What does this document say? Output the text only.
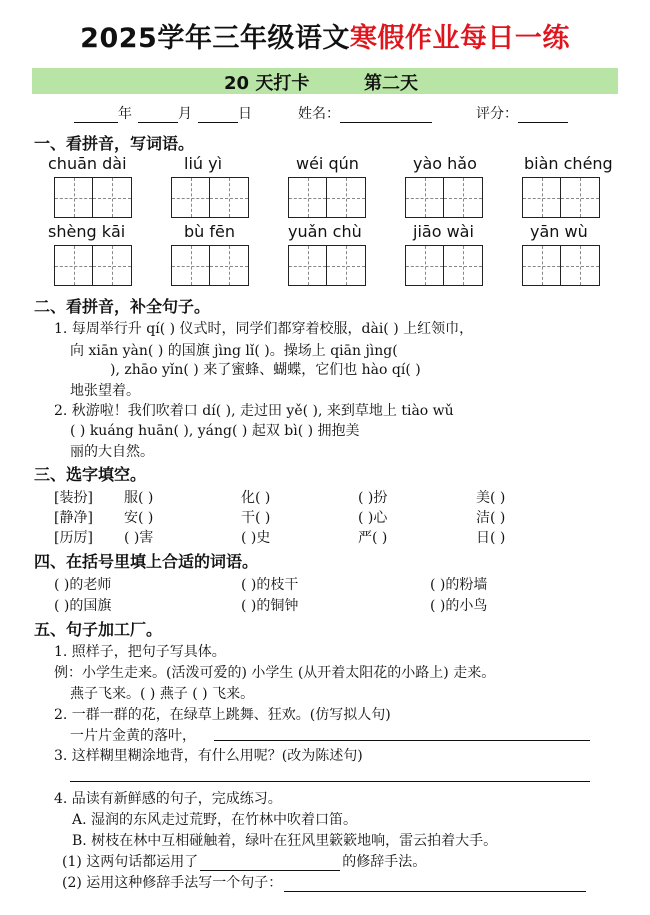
2025学年三年级语文寒假作业每日一练
20 天打卡	第二天
年	月	日	姓名：	评分：
一、看拼音，写词语。
chuān dài	liú yì	wéi qún	yào hǎo	biàn chéng
shèng kāi	bù fēn	yuǎn chù	jiāo wài	yān wù
二、看拼音，补全句子。
1. 每周举行升 qí( ) 仪式时，同学们都穿着校服，dài( ) 上红领巾，
向 xiān yàn( ) 的国旗 jìng lǐ( )。操场上 qiān jìng(
), zhāo yǐn( ) 来了蜜蜂、蝴蝶，它们也 hào qí( )
地张望着。
2. 秋游啦！我们吹着口 dí( ), 走过田 yě( ), 来到草地上 tiào wǔ
( ) kuáng huān( ), yáng( ) 起双 bì( ) 拥抱美
丽的大自然。
三、选字填空。
[装扮] 服( )	化( )	( )扮	美( )
[静净] 安( )	干( )	( )心	洁( )
[历厉] ( )害	( )史	严( )	日( )
四、在括号里填上合适的词语。
( )的老师	( )的枝干	( )的粉墙
( )的国旗	( )的铜钟	( )的小鸟
五、句子加工厂。
1. 照样子，把句子写具体。
例：小学生走来。(活泼可爱的) 小学生 (从开着太阳花的小路上) 走来。
燕子飞来。( ) 燕子 ( ) 飞来。
2. 一群一群的花，在绿草上跳舞、狂欢。(仿写拟人句)
一片片金黄的落叶，
3. 这样糊里糊涂地背，有什么用呢？(改为陈述句)
4. 品读有新鲜感的句子，完成练习。
A. 湿润的东风走过荒野，在竹林中吹着口笛。
B. 树枝在林中互相碰触着，绿叶在狂风里簌簌地响，雷云拍着大手。
(1) 这两句话都运用了	的修辞手法。
(2) 运用这种修辞手法写一个句子：
